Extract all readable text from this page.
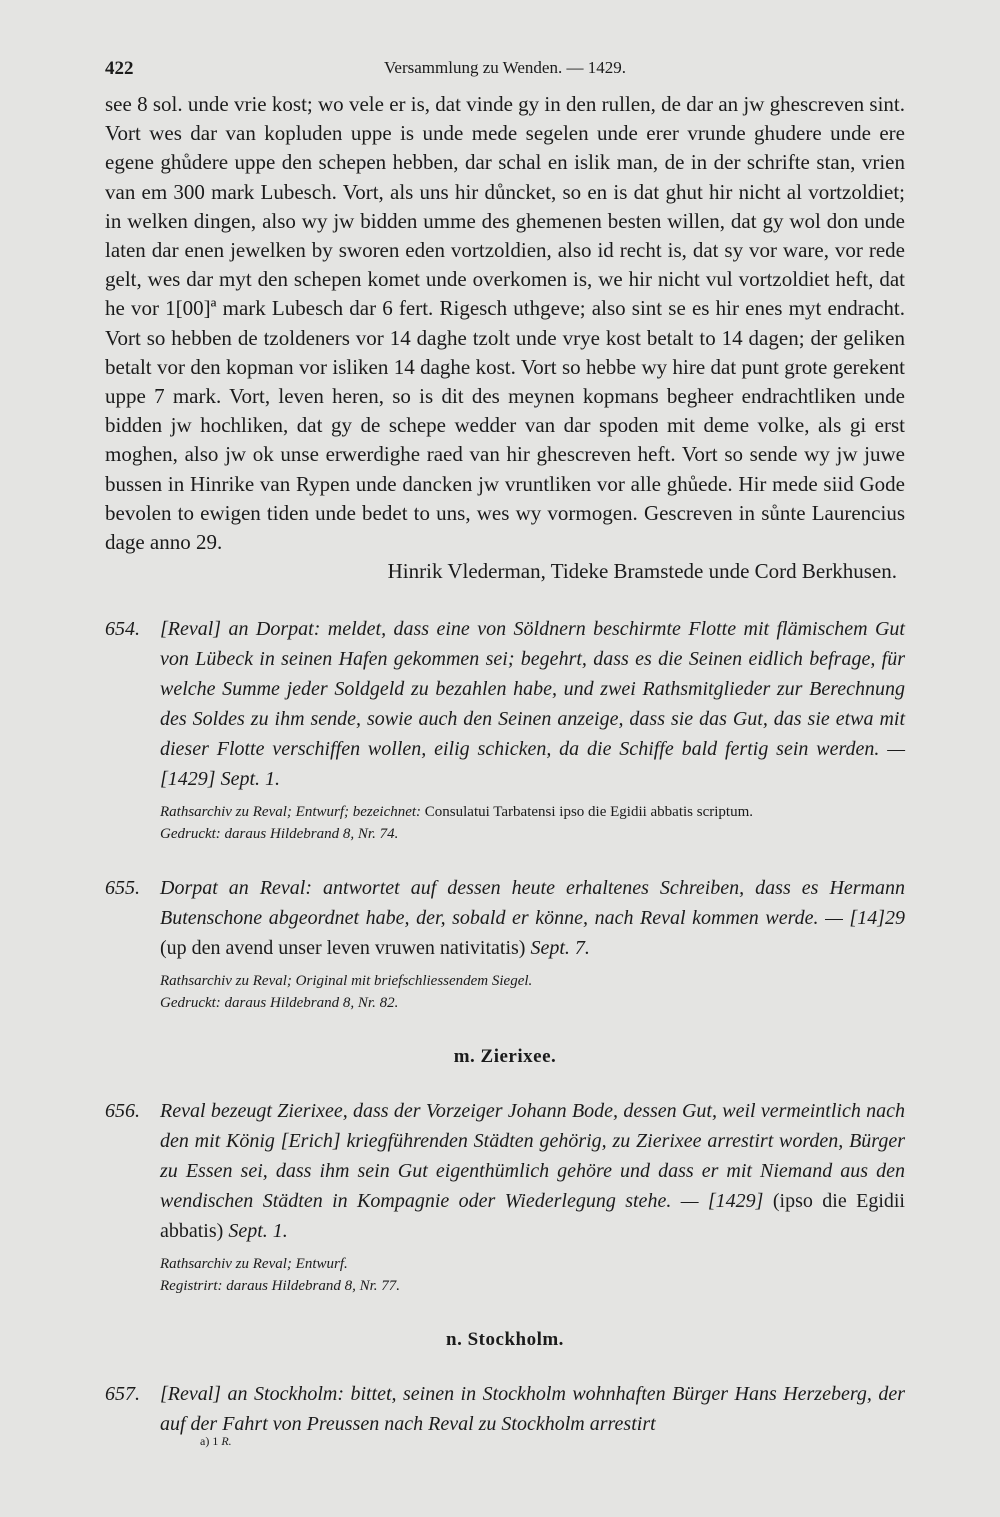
422	Versammlung zu Wenden. — 1429.

see 8 sol. unde vrie kost; wo vele er is, dat vinde gy in den rullen, de dar an jw ghescreven sint. Vort wes dar van kopluden uppe is unde mede segelen unde erer vrunde ghudere unde ere egene ghůdere uppe den schepen hebben, dar schal en islik man, de in der schrifte stan, vrien van em 300 mark Lubesch. Vort, als uns hir důncket, so en is dat ghut hir nicht al vortzoldiet; in welken dingen, also wy jw bidden umme des ghemenen besten willen, dat gy wol don unde laten dar enen jewelken by sworen eden vortzoldien, also id recht is, dat sy vor ware, vor rede gelt, wes dar myt den schepen komet unde overkomen is, we hir nicht vul vortzoldiet heft, dat he vor 1[00]ª mark Lubesch dar 6 fert. Rigesch uthgeve; also sint se es hir enes myt endracht. Vort so hebben de tzoldeners vor 14 daghe tzolt unde vrye kost betalt to 14 dagen; der geliken betalt vor den kopman vor isliken 14 daghe kost. Vort so hebbe wy hire dat punt grote gerekent uppe 7 mark. Vort, leven heren, so is dit des meynen kopmans begheer endrachtliken unde bidden jw hochliken, dat gy de schepe wedder van dar spoden mit deme volke, als gi erst moghen, also jw ok unse erwerdighe raed van hir ghescreven heft. Vort so sende wy jw juwe bussen in Hinrike van Rypen unde dancken jw vruntliken vor alle ghůede. Hir mede siid Gode bevolen to ewigen tiden unde bedet to uns, wes wy vormogen. Gescreven in sůnte Laurencius dage anno 29.

Hinrik Vlederman, Tideke Bramstede unde Cord Berkhusen.

654. [Reval] an Dorpat: meldet, dass eine von Söldnern beschirmte Flotte mit flämischem Gut von Lübeck in seinen Hafen gekommen sei; begehrt, dass es die Seinen eidlich befrage, für welche Summe jeder Soldgeld zu bezahlen habe, und zwei Rathsmitglieder zur Berechnung des Soldes zu ihm sende, sowie auch den Seinen anzeige, dass sie das Gut, das sie etwa mit dieser Flotte verschiffen wollen, eilig schicken, da die Schiffe bald fertig sein werden. — [1429] Sept. 1.

Rathsarchiv zu Reval; Entwurf; bezeichnet: Consulatui Tarbatensi ipso die Egidii abbatis scriptum.

Gedruckt: daraus Hildebrand 8, Nr. 74.

655. Dorpat an Reval: antwortet auf dessen heute erhaltenes Schreiben, dass es Hermann Butenschone abgeordnet habe, der, sobald er könne, nach Reval kommen werde. — [14]29 (up den avend unser leven vruwen nativitatis) Sept. 7.

Rathsarchiv zu Reval; Original mit briefschliessendem Siegel.

Gedruckt: daraus Hildebrand 8, Nr. 82.

m. Zierixee.
656. Reval bezeugt Zierixee, dass der Vorzeiger Johann Bode, dessen Gut, weil vermeintlich nach den mit König [Erich] kriegführenden Städten gehörig, zu Zierixee arrestirt worden, Bürger zu Essen sei, dass ihm sein Gut eigenthümlich gehöre und dass er mit Niemand aus den wendischen Städten in Kompagnie oder Wiederlegung stehe. — [1429] (ipso die Egidii abbatis) Sept. 1.

Rathsarchiv zu Reval; Entwurf.

Registrirt: daraus Hildebrand 8, Nr. 77.

n. Stockholm.
657. [Reval] an Stockholm: bittet, seinen in Stockholm wohnhaften Bürger Hans Herzeberg, der auf der Fahrt von Preussen nach Reval zu Stockholm arrestirt

a) 1 R.
